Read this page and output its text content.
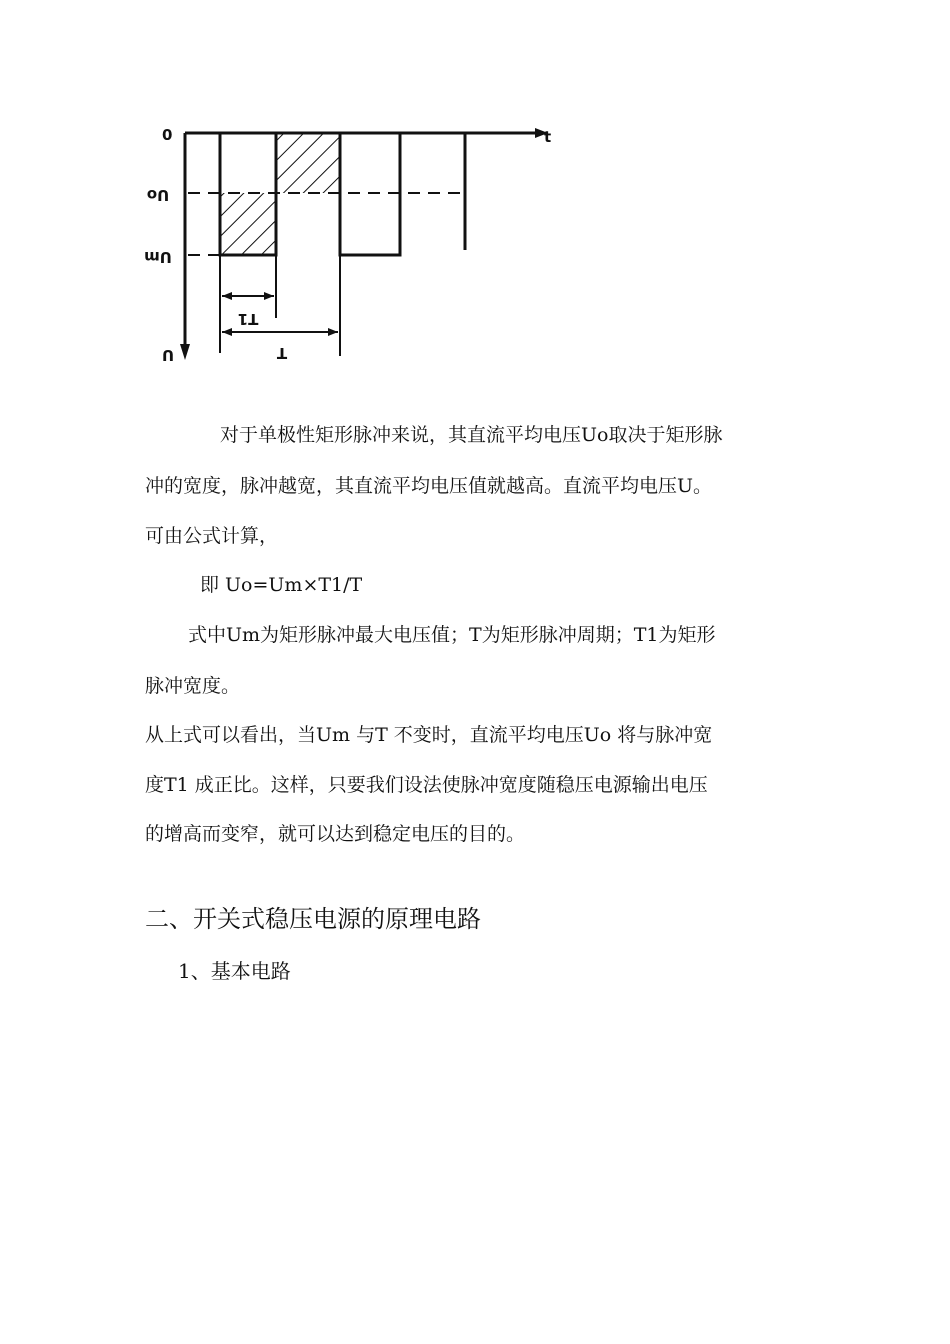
0	t
Uo
Um
T1
T
U
对于单极性矩形脉冲来说，其直流平均电压Uo取决于矩形脉
冲的宽度，脉冲越宽，其直流平均电压值就越高。直流平均电压U。
可由公式计算，
即 Uo=Um×T1/T
式中Um为矩形脉冲最大电压值；T为矩形脉冲周期；T1为矩形
脉冲宽度。
从上式可以看出，当Um 与T 不变时，直流平均电压Uo 将与脉冲宽
度T1 成正比。这样，只要我们设法使脉冲宽度随稳压电源输出电压
的增高而变窄，就可以达到稳定电压的目的。
二、开关式稳压电源的原理电路
1、基本电路
